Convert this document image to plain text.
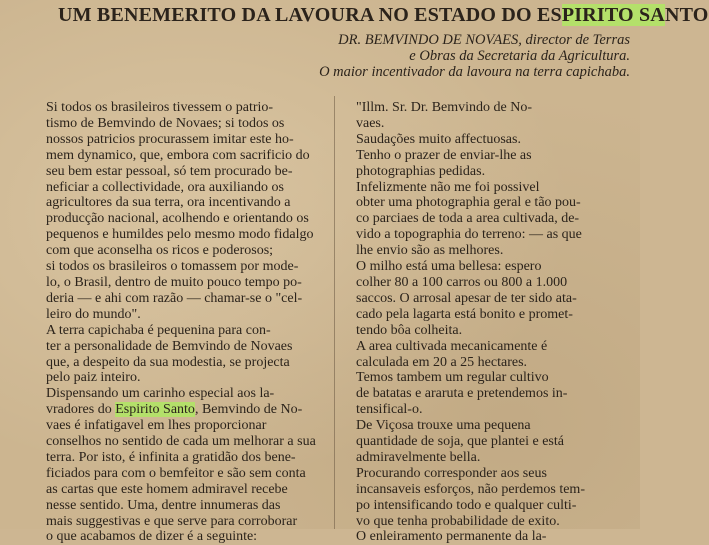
UM BENEMERITO DA LAVOURA NO ESTADO DO ESPIRITO SANTO
DR. BEMVINDO DE NOVAES, director de Terras
e Obras da Secretaria da Agricultura.
O maior incentivador da lavoura na terra capichaba.

Si todos os brasileiros tivessem o patrio-
tismo de Bemvindo de Novaes; si todos os
nossos patricios procurassem imitar este ho-
mem dynamico, que, embora com sacrificio do
seu bem estar pessoal, só tem procurado be-
neficiar a collectividade, ora auxiliando os
agricultores da sua terra, ora incentivando a
producção nacional, acolhendo e orientando os
pequenos e humildes pelo mesmo modo fidalgo
com que aconselha os ricos e poderosos;
si todos os brasileiros o tomassem por mode-
lo, o Brasil, dentro de muito pouco tempo po-
deria — e ahi com razão — chamar-se o "cel-
leiro do mundo".

A terra capichaba é pequenina para con-
ter a personalidade de Bemvindo de Novaes
que, a despeito da sua modestia, se projecta
pelo paiz inteiro.

Dispensando um carinho especial aos la-
vradores do Espirito Santo, Bemvindo de No-
vaes é infatigavel em lhes proporcionar
conselhos no sentido de cada um melhorar a sua
terra. Por isto, é infinita a gratidão dos bene-
ficiados para com o bemfeitor e são sem conta
as cartas que este homem admiravel recebe
nesse sentido. Uma, dentre innumeras das
mais suggestivas e que serve para corroborar
o que acabamos de dizer é a seguinte:

"Illm. Sr. Dr. Bemvindo de No-
vaes.
Saudações muito affectuosas.
Tenho o prazer de enviar-lhe as
photographias pedidas.
Infelizmente não me foi possivel
obter uma photographia geral e tão pou-
co parciaes de toda a area cultivada, de-
vido a topographia do terreno: — as que
lhe envio são as melhores.
O milho está uma bellesa: espero
colher 80 a 100 carros ou 800 a 1.000
saccos. O arrosal apesar de ter sido ata-
cado pela lagarta está bonito e promet-
tendo bôa colheita.
A area cultivada mecanicamente é
calculada em 20 a 25 hectares.
Temos tambem um regular cultivo
de batatas e araruta e pretendemos in-
tensifical-o.
De Viçosa trouxe uma pequena
quantidade de soja, que plantei e está
admiravelmente bella.
Procurando corresponder aos seus
incansaveis esforços, não perdemos tem-
po intensificando todo e qualquer culti-
vo que tenha probabilidade de exito.
O enleiramento permanente da la-
